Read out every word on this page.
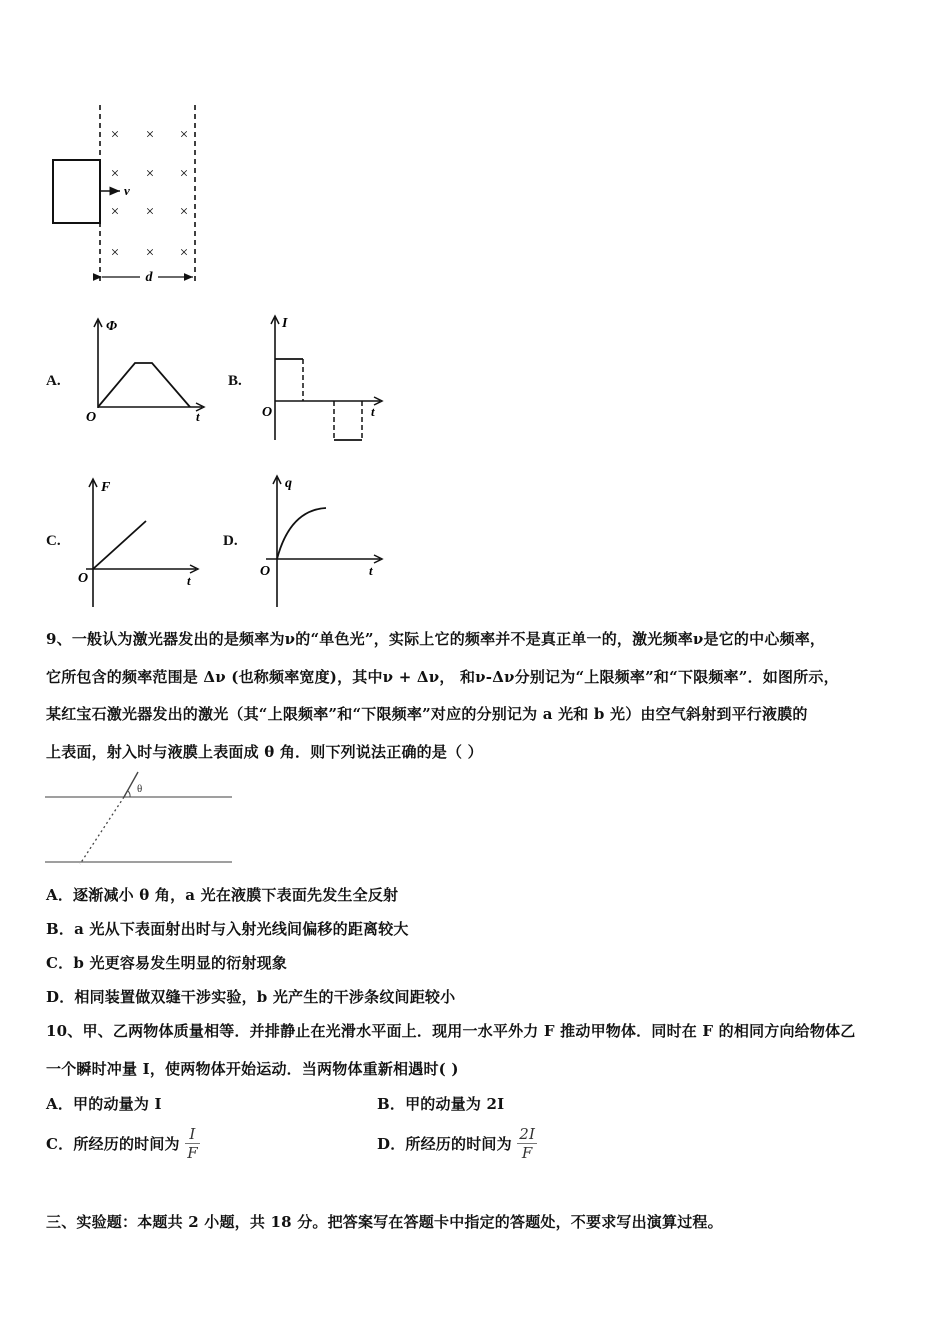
× × ×
× × ×
× × ×
× × ×
v
d
A.
Φ
t
O
B.
I
t
O
C.
F
t
O
D.
q
t
O
9、一般认为激光器发出的是频率为ν的“单色光”，实际上它的频率并不是真正单一的，激光频率ν是它的中心频率，
它所包含的频率范围是 Δν (也称频率宽度)，其中ν + Δν， 和ν-Δν分别记为“上限频率”和“下限频率”．如图所示，
某红宝石激光器发出的激光（其“上限频率”和“下限频率”对应的分别记为 a 光和 b 光）由空气斜射到平行液膜的
上表面，射入时与液膜上表面成 θ 角．则下列说法正确的是（ ）
θ
A．逐渐减小 θ 角，a 光在液膜下表面先发生全反射
B．a 光从下表面射出时与入射光线间偏移的距离较大
C．b 光更容易发生明显的衍射现象
D．相同装置做双缝干涉实验，b 光产生的干涉条纹间距较小
10、甲、乙两物体质量相等．并排静止在光滑水平面上．现用一水平外力 F 推动甲物体．同时在 F 的相同方向给物体乙
一个瞬时冲量 I，使两物体开始运动．当两物体重新相遇时( )
A．甲的动量为 I	B．甲的动量为 2I
C．所经历的时间为 $\frac{I}{F}$	D．所经历的时间为 $\frac{2I}{F}$
三、实验题：本题共 2 小题，共 18 分。把答案写在答题卡中指定的答题处，不要求写出演算过程。
